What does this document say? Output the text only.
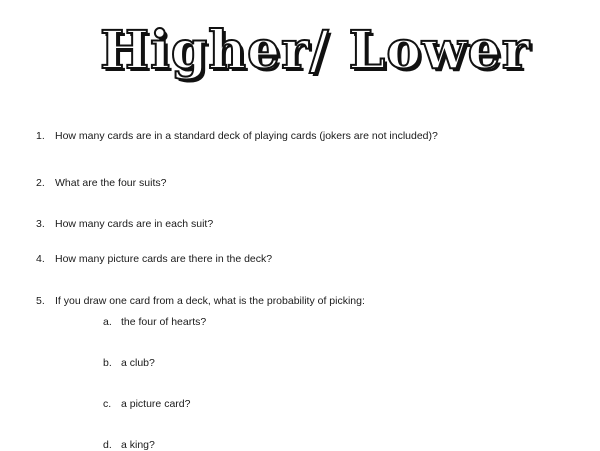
Higher/ Lower
1. How many cards are in a standard deck of playing cards (jokers are not included)?
2. What are the four suits?
3. How many cards are in each suit?
4. How many picture cards are there in the deck?
5. If you draw one card from a deck, what is the probability of picking:
a. the four of hearts?
b. a club?
c. a picture card?
d. a king?
